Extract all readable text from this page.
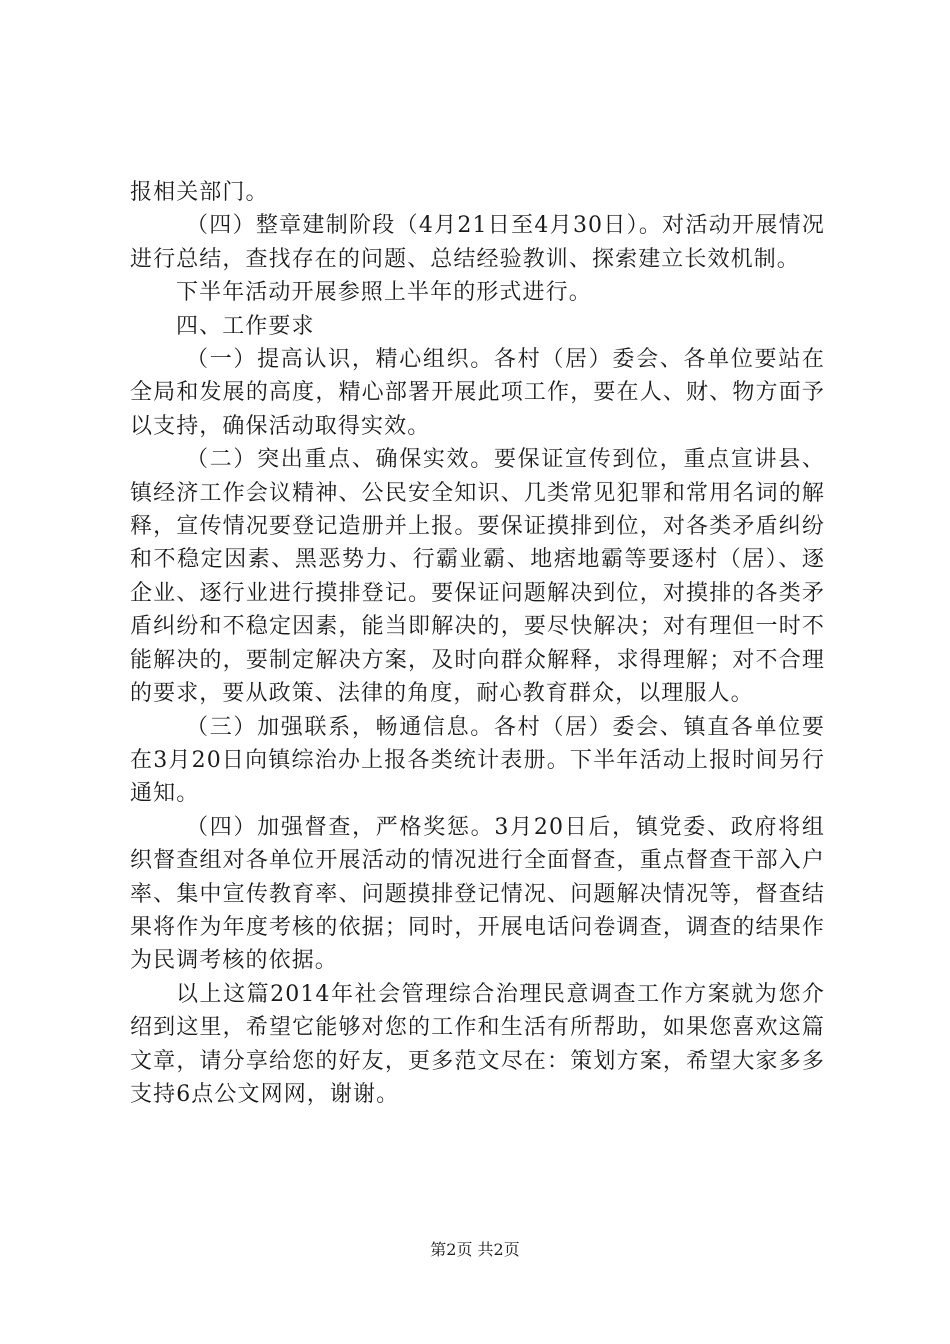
报相关部门。

（四）整章建制阶段（4月21日至4月30日）。对活动开展情况进行总结，查找存在的问题、总结经验教训、探索建立长效机制。

下半年活动开展参照上半年的形式进行。

四、工作要求

（一）提高认识，精心组织。各村（居）委会、各单位要站在全局和发展的高度，精心部署开展此项工作，要在人、财、物方面予以支持，确保活动取得实效。

（二）突出重点、确保实效。要保证宣传到位，重点宣讲县、镇经济工作会议精神、公民安全知识、几类常见犯罪和常用名词的解释，宣传情况要登记造册并上报。要保证摸排到位，对各类矛盾纠纷和不稳定因素、黑恶势力、行霸业霸、地痞地霸等要逐村（居）、逐企业、逐行业进行摸排登记。要保证问题解决到位，对摸排的各类矛盾纠纷和不稳定因素，能当即解决的，要尽快解决；对有理但一时不能解决的，要制定解决方案，及时向群众解释，求得理解；对不合理的要求，要从政策、法律的角度，耐心教育群众，以理服人。

（三）加强联系，畅通信息。各村（居）委会、镇直各单位要在3月20日向镇综治办上报各类统计表册。下半年活动上报时间另行通知。

（四）加强督查，严格奖惩。3月20日后，镇党委、政府将组织督查组对各单位开展活动的情况进行全面督查，重点督查干部入户率、集中宣传教育率、问题摸排登记情况、问题解决情况等，督查结果将作为年度考核的依据；同时，开展电话问卷调查，调查的结果作为民调考核的依据。

以上这篇2014年社会管理综合治理民意调查工作方案就为您介绍到这里，希望它能够对您的工作和生活有所帮助，如果您喜欢这篇文章，请分享给您的好友，更多范文尽在：策划方案，希望大家多多支持6点公文网网，谢谢。

第2页 共2页
